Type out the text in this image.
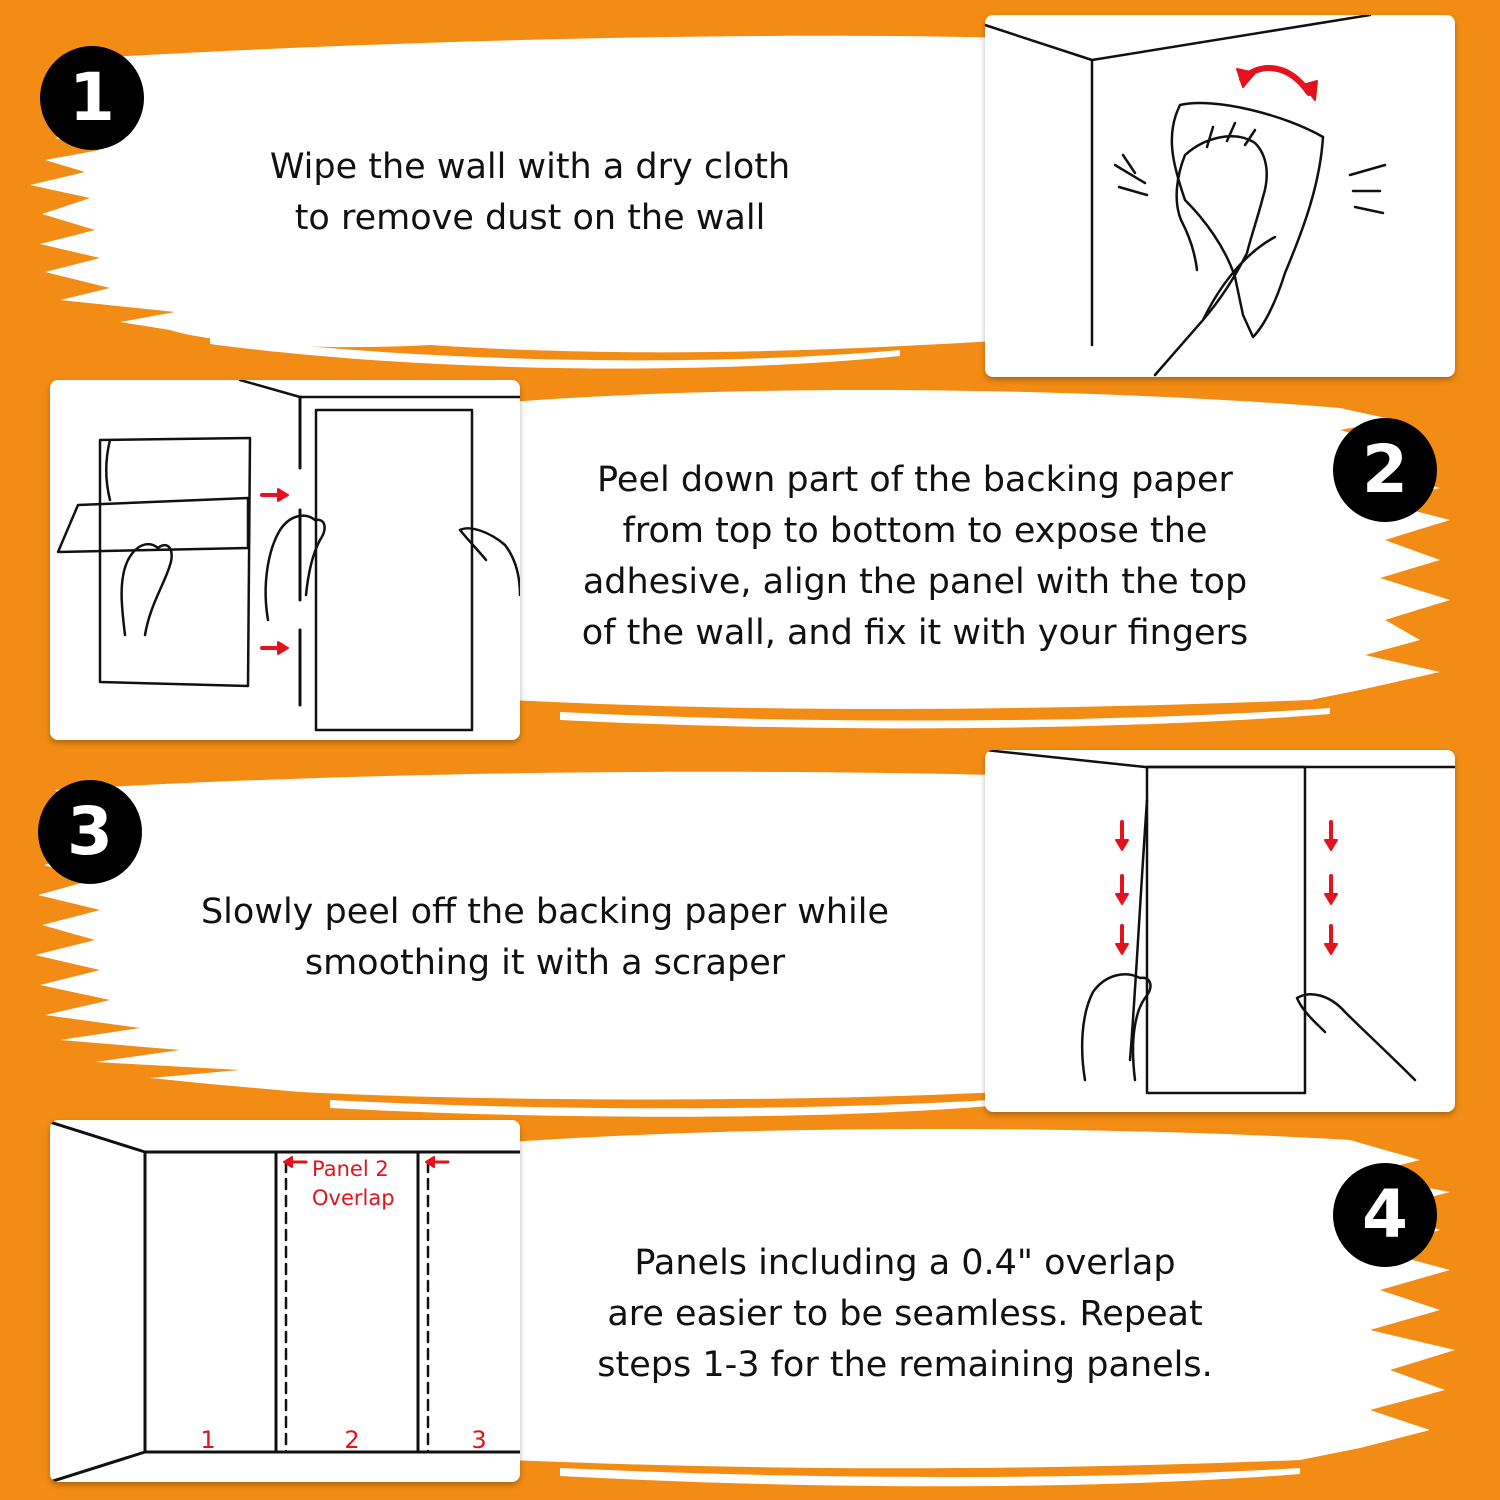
1
2
3
4
Wipe the wall with a dry cloth
to remove dust on the wall
Peel down part of the backing paper
from top to bottom to expose the
adhesive, align the panel with the top
of the wall, and fix it with your fingers
Slowly peel off the backing paper while
smoothing it with a scraper
Panels including a 0.4" overlap
are easier to be seamless. Repeat
steps 1-3 for the remaining panels.
Panel 2
Overlap
1	2	3
